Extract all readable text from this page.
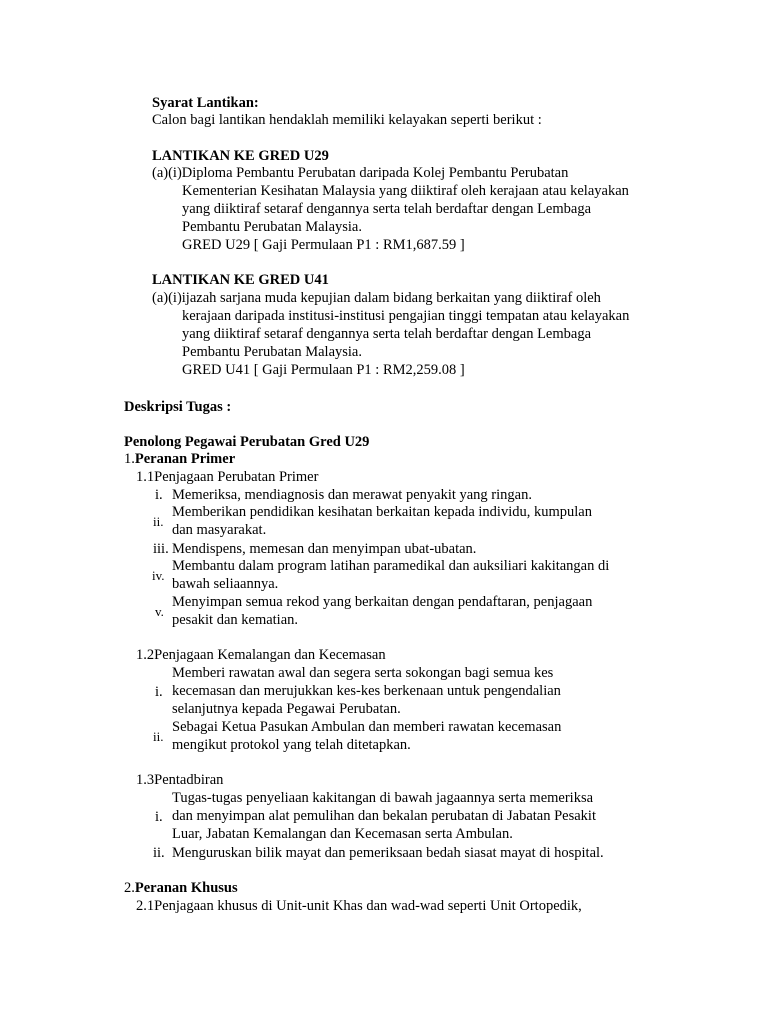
Syarat Lantikan:
Calon bagi lantikan hendaklah memiliki kelayakan seperti berikut :
LANTIKAN KE GRED U29
(a)(i)Diploma Pembantu Perubatan daripada Kolej Pembantu Perubatan
Kementerian Kesihatan Malaysia yang diiktiraf oleh kerajaan atau kelayakan
yang diiktiraf setaraf dengannya serta telah berdaftar dengan Lembaga
Pembantu Perubatan Malaysia.
GRED U29 [ Gaji Permulaan P1 : RM1,687.59 ]
LANTIKAN KE GRED U41
(a)(i)ijazah sarjana muda kepujian dalam bidang berkaitan yang diiktiraf oleh
kerajaan daripada institusi-institusi pengajian tinggi tempatan atau kelayakan
yang diiktiraf setaraf dengannya serta telah berdaftar dengan Lembaga
Pembantu Perubatan Malaysia.
GRED U41 [ Gaji Permulaan P1 : RM2,259.08 ]
Deskripsi Tugas :
Penolong Pegawai Perubatan Gred U29
1.Peranan Primer
1.1Penjagaan Perubatan Primer
i. Memeriksa, mendiagnosis dan merawat penyakit yang ringan.
ii.
Memberikan pendidikan kesihatan berkaitan kepada individu, kumpulan
dan masyarakat.
iii. Mendispens, memesan dan menyimpan ubat-ubatan.
iv.
Membantu dalam program latihan paramedikal dan auksiliari kakitangan di
bawah seliaannya.
v.
Menyimpan semua rekod yang berkaitan dengan pendaftaran, penjagaan
pesakit dan kematian.
1.2Penjagaan Kemalangan dan Kecemasan
i.
Memberi rawatan awal dan segera serta sokongan bagi semua kes
kecemasan dan merujukkan kes-kes berkenaan untuk pengendalian
selanjutnya kepada Pegawai Perubatan.
ii.
Sebagai Ketua Pasukan Ambulan dan memberi rawatan kecemasan
mengikut protokol yang telah ditetapkan.
1.3Pentadbiran
i.
Tugas-tugas penyeliaan kakitangan di bawah jagaannya serta memeriksa
dan menyimpan alat pemulihan dan bekalan perubatan di Jabatan Pesakit
Luar, Jabatan Kemalangan dan Kecemasan serta Ambulan.
ii. Menguruskan bilik mayat dan pemeriksaan bedah siasat mayat di hospital.
2.Peranan Khusus
2.1Penjagaan khusus di Unit-unit Khas dan wad-wad seperti Unit Ortopedik,
